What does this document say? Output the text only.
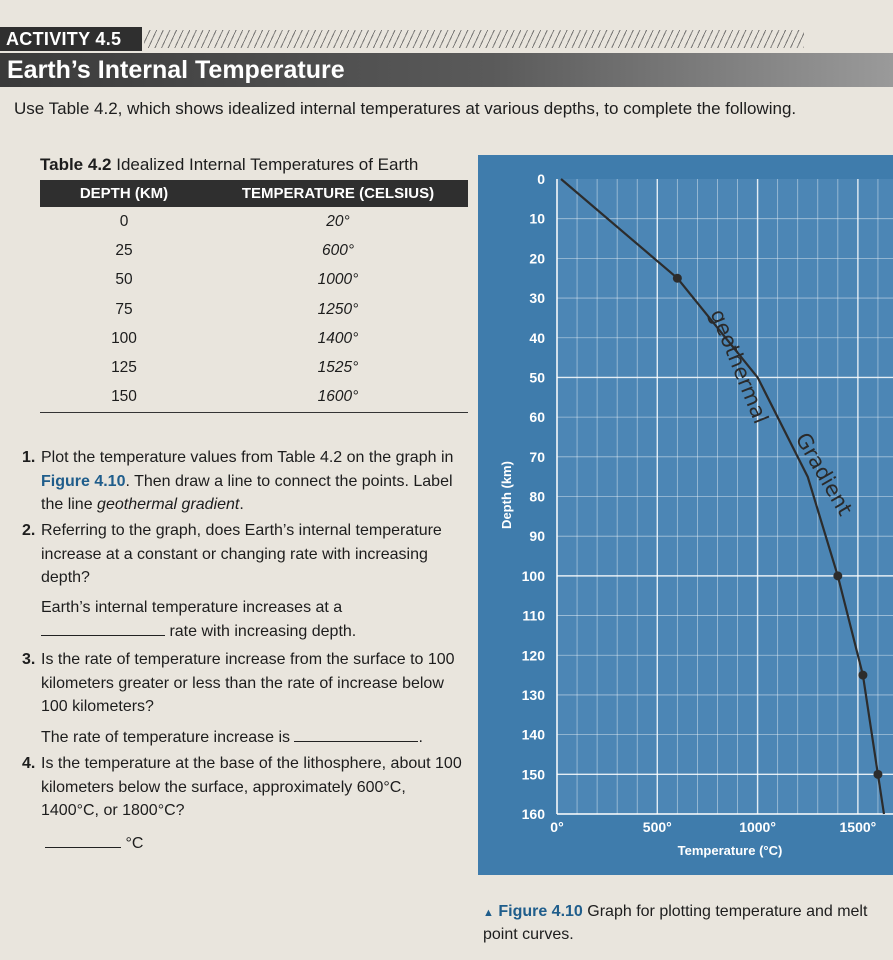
ACTIVITY 4.5
Earth’s Internal Temperature
Use Table 4.2, which shows idealized internal temperatures at various depths, to complete the following.
Table 4.2 Idealized Internal Temperatures of Earth
DEPTH (KM)	TEMPERATURE (CELSIUS)
0	20°
25	600°
50	1000°
75	1250°
100	1400°
125	1525°
150	1600°
1. Plot the temperature values from Table 4.2 on the graph in Figure 4.10. Then draw a line to connect the points. Label the line geothermal gradient.
2. Referring to the graph, does Earth’s internal temperature increase at a constant or changing rate with increasing depth?
Earth’s internal temperature increases at a
rate with increasing depth.
3. Is the rate of temperature increase from the surface to 100 kilometers greater or less than the rate of increase below 100 kilometers?
The rate of temperature increase is	.
4. Is the temperature at the base of the lithosphere, about 100 kilometers below the surface, approximately 600°C, 1400°C, or 1800°C?
°C
0
10
20
30
40
50
60
70
80
90
100
110
120
130
140
150
160
0°	500°	1000°	1500°
Depth (km)
Temperature (°C)
geothermal
Gradient
▲ Figure 4.10 Graph for plotting temperature and melt point curves.
